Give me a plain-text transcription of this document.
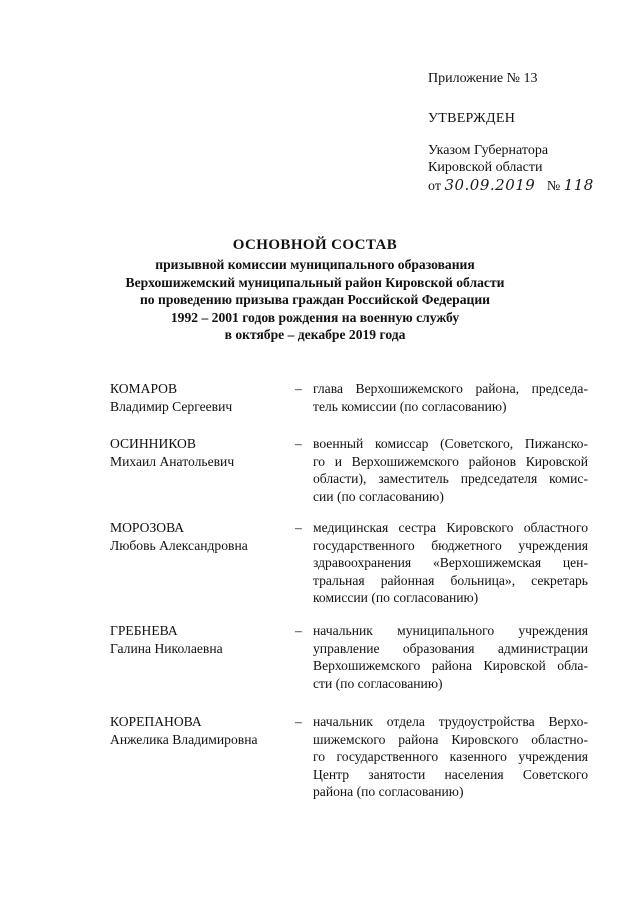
Приложение № 13
УТВЕРЖДЕН
Указом Губернатора
Кировской области
от 30.09.2019 № 118
ОСНОВНОЙ СОСТАВ
призывной комиссии муниципального образования
Верхошижемский муниципальный район Кировской области
по проведению призыва граждан Российской Федерации
1992 – 2001 годов рождения на военную службу
в октябре – декабре 2019 года
КОМАРОВ
Владимир Сергеевич
– глава Верхошижемского района, председа-
тель комиссии (по согласованию)
ОСИННИКОВ
Михаил Анатольевич
– военный комиссар (Советского, Пижанско-
го и Верхошижемского районов Кировской
области), заместитель председателя комис-
сии (по согласованию)
МОРОЗОВА
Любовь Александровна
– медицинская сестра Кировского областного
государственного бюджетного учреждения
здравоохранения «Верхошижемская цен-
тральная районная больница», секретарь
комиссии (по согласованию)
ГРЕБНЕВА
Галина Николаевна
– начальник муниципального учреждения
управление образования администрации
Верхошижемского района Кировской обла-
сти (по согласованию)
КОРЕПАНОВА
Анжелика Владимировна
– начальник отдела трудоустройства Верхо-
шижемского района Кировского областно-
го государственного казенного учреждения
Центр занятости населения Советского
района (по согласованию)
